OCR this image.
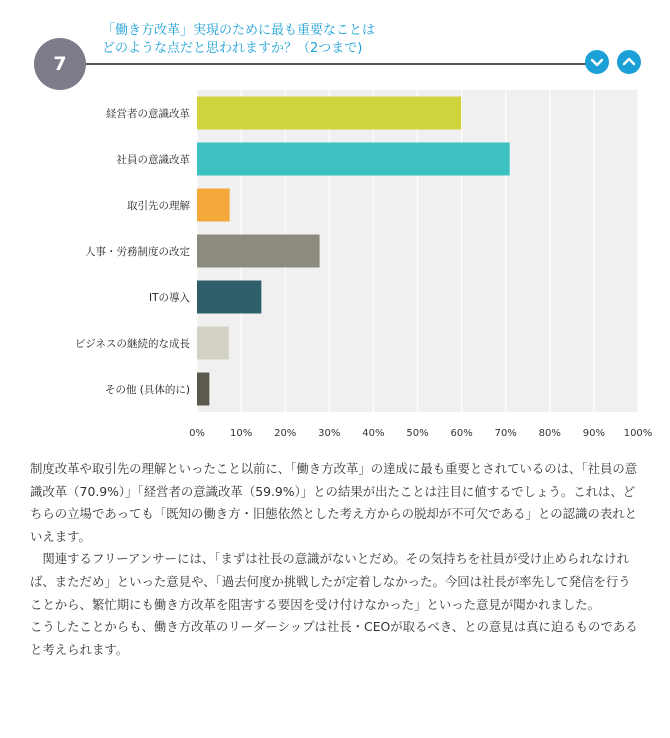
7
「働き方改革」実現のために最も重要なことは
どのような点だと思われますか？（2つまで)
0%	10% 20% 30% 40% 50% 60% 70% 80% 90% 100%
経営者の意識改革
社員の意識改革
取引先の理解
人事・労務制度の改定
ITの導入
ビジネスの継続的な成長
その他 (具体的に)

制度改革や取引先の理解といったこと以前に、「働き方改革」の達成に最も重要とされているのは、「社員の意識改革（70.9%）」「経営者の意識改革（59.9%）」との結果が出たことは注目に値するでしょう。これは、どちらの立場であっても「既知の働き方・旧態依然とした考え方からの脱却が不可欠である」との認識の表れといえます。

関連するフリーアンサーには、「まずは社長の意識がないとだめ。その気持ちを社員が受け止められなければ、まただめ」といった意見や、「過去何度か挑戦したが定着しなかった。今回は社長が率先して発信を行うことから、繁忙期にも働き方改革を阻害する要因を受け付けなかった」といった意見が聞かれました。

こうしたことからも、働き方改革のリーダーシップは社長・CEOが取るべき、との意見は真に迫るものであると考えられます。
